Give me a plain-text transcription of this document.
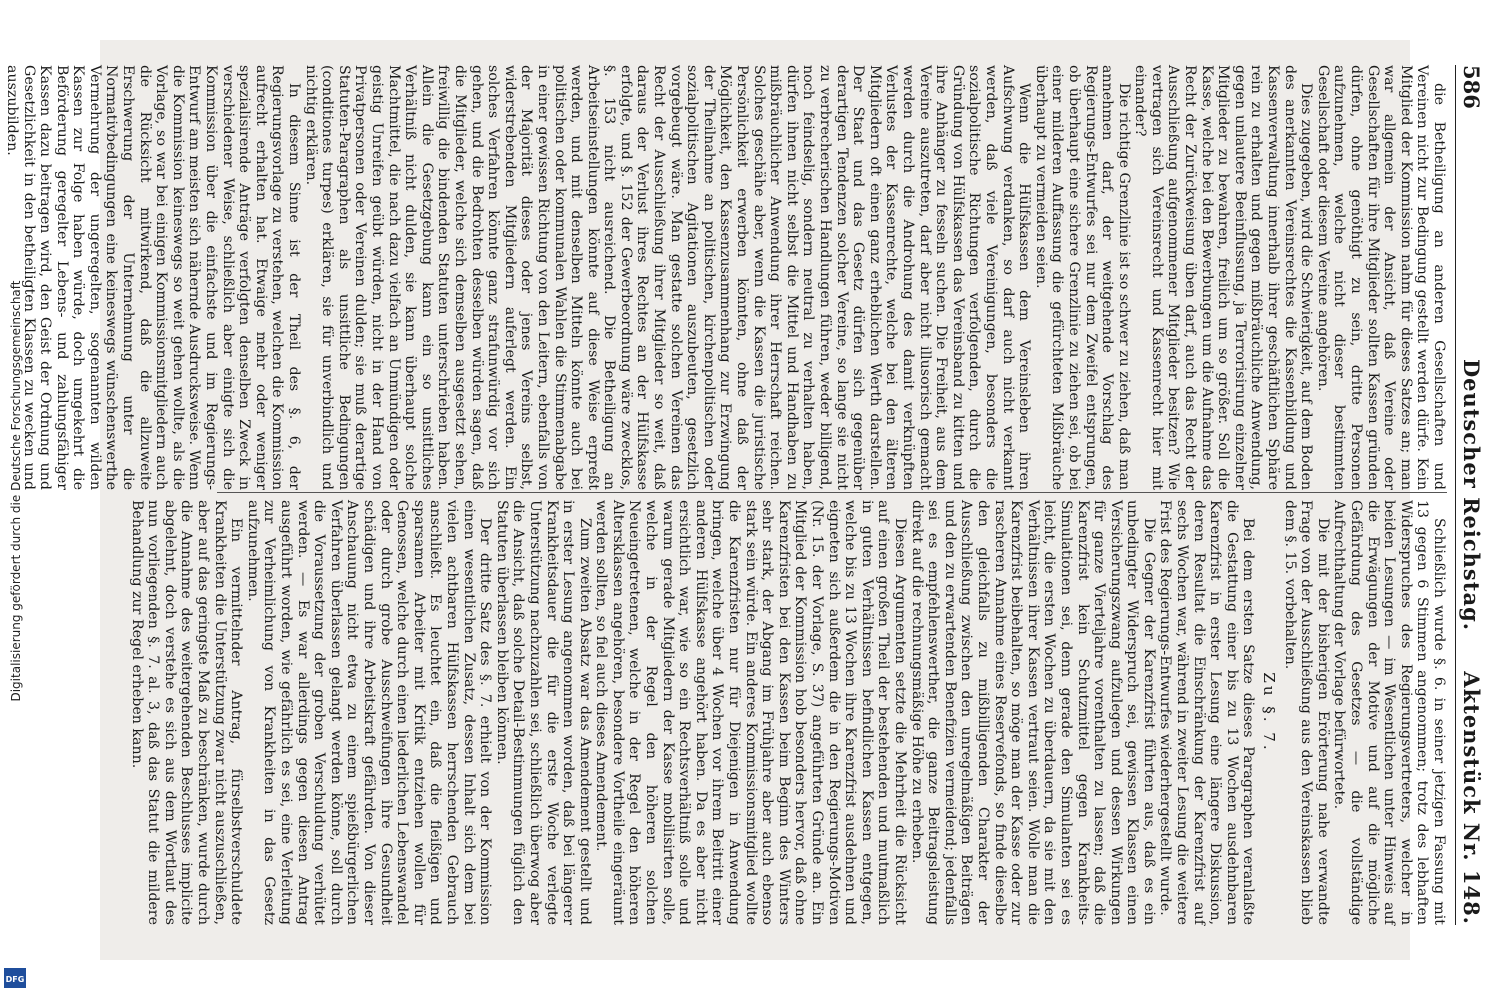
586
Deutscher Reichstag.
Aktenstück Nr. 148.

die Betheiligung an anderen Gesellschaften und Vereinen nicht zur Bedingung gestellt werden dürfe. Kein Mitglied der Kommission nahm für dieses Satzes an; man war allgemein der Ansicht, daß Vereine oder Gesellschaften für ihre Mitglieder sollten Kassen gründen dürfen, ohne genöthigt zu sein, dritte Personen aufzunehmen, welche nicht dieser bestimmten Gesellschaft oder diesem Vereine angehören.

Dies zugegeben, wird die Schwierigkeit, auf dem Boden des anerkannten Vereinsrechtes die Kassenbildung und Kassenverwaltung innerhalb ihrer geschäftlichen Sphäre rein zu erhalten und gegen mißbräuchliche Anwendung, gegen unlautere Beeinflussung, ja Terrorisirung einzelner Mitglieder zu bewahren, freilich um so größer. Soll die Kasse, welche bei den Bewerbungen um die Aufnahme das Recht der Zurückweisung üben darf, auch das Recht der Ausschließung aufgenommener Mitglieder besitzen? Wie vertragen sich Vereinsrecht und Kassenrecht hier mit einander?

Die richtige Grenzlinie ist so schwer zu ziehen, daß man annehmen darf, der weitgehende Vorschlag des Regierungs-Entwurfes sei nur dem Zweifel entsprungen, ob überhaupt eine sichere Grenzlinie zu ziehen sei, ob bei einer milderen Auffassung die gefürchteten Mißbräuche überhaupt zu vermeiden seien.

Wenn die Hülfskassen dem Vereinsleben ihren Aufschwung verdanken, so darf auch nicht verkannt werden, daß viele Vereinigungen, besonders die sozialpolitische Richtungen verfolgenden, durch die Gründung von Hülfskassen das Vereinsband zu kitten und ihre Anhänger zu fesseln suchen. Die Freiheit, aus dem Vereine auszutreten, darf aber nicht illusorisch gemacht werden durch die Androhung des damit verknüpften Verlustes der Kassenrechte, welche bei den älteren Mitgliedern oft einen ganz erheblichen Werth darstellen. Der Staat und das Gesetz dürfen sich gegenüber derartigen Tendenzen solcher Vereine, so lange sie nicht zu verbrecherischen Handlungen führen, weder billigend, noch feindselig, sondern neutral zu verhalten haben, dürfen ihnen nicht selbst die Mittel und Handhaben zu mißbräuchlicher Anwendung ihrer Herrschaft reichen. Solches geschähe aber, wenn die Kassen die juristische Persönlichkeit erwerben könnten, ohne daß der Möglichkeit, den Kassenzusammenhang zur Erzwingung der Theilnahme an politischen, kirchenpolitischen oder sozialpolitischen Agitationen auszubeuten, gesetzlich vorgebeugt wäre. Man gestatte solchen Vereinen das Recht der Ausschließung ihrer Mitglieder so weit, daß daraus der Verlust ihres Rechtes an der Hülfskasse erfolgte, und §. 152 der Gewerbeordnung wäre zwecklos, §. 153 nicht ausreichend. Die Betheiligung an Arbeitseinstellungen könnte auf diese Weise erpreßt werden, und mit denselben Mitteln könnte auch bei politischen oder kommunalen Wahlen die Stimmenabgabe in einer gewissen Richtung von den Leitern, ebenfalls von der Majorität dieses oder jenes Vereins selbst, widerstrebenden Mitgliedern auferlegt werden. Ein solches Verfahren könnte ganz strafunwürdig vor sich gehen, und die Bedrohten desselben würden sagen, daß die Mitglieder, welche sich demselben ausgesetzt sehen, freiwillig die bindenden Statuten unterschrieben haben. Allein die Gesetzgebung kann ein so unsittliches Verhältniß nicht dulden, sie kann überhaupt solche Machtmittel, die nach dazu vielfach an Unmündigen oder geistig Unreifen geübt würden, nicht in der Hand von Privatpersonen oder Vereinen dulden; sie muß derartige Statuten-Paragraphen als unsittliche Bedingungen (conditiones turpes) erklären, sie für unverbindlich und nichtig erklären.

In diesem Sinne ist der Theil des §. 6, der Regierungsvorlage zu verstehen, welchen die Kommission aufrecht erhalten hat. Etwaige mehr oder weniger spezialisirende Anträge verfolgten denselben Zweck in verschiedener Weise, schließlich aber einigte sich die Kommission über die einfachste und im Regierungs-Entwurf am meisten sich nähernde Ausdrucksweise. Wenn die Kommission keineswegs so weit gehen wollte, als die Vorlage, so war bei einigen Kommissionsmitgliedern auch die Rücksicht mitwirkend, daß die allzuweite Erschwerung der Unternehmung unter die Normativbedingungen eine keineswegs wünschenswerthe Vermehrung der ungeregelten, sogenannten wilden Kassen zur Folge haben würde, doch umgekehrt die Beförderung geregelter Lebens- und zahlungsfähiger Kassen dazu beitragen wird, den Geist der Ordnung und Gesetzlichkeit in den betheiligten Klassen zu wecken und auszubilden.

Schließlich wurde §. 6. in seiner jetzigen Fassung mit 13 gegen 6 Stimmen angenommen; trotz des lebhaften Widerspruches des Regierungsvertreters, welcher in beiden Lesungen — im Wesentlichen unter Hinweis auf die Erwägungen der Motive und auf die mögliche Gefährdung des Gesetzes — die vollständige Aufrechthaltung der Vorlage befürwortete.

Die mit der bisherigen Erörterung nahe verwandte Frage von der Ausschließung aus den Vereinskassen blieb dem §. 15. vorbehalten.

Zu §. 7.

Bei dem ersten Satze dieses Paragraphen veranlaßte die Gestattung einer bis zu 13 Wochen ausdehnbaren Karenzfrist in erster Lesung eine längere Diskussion, deren Resultat die Einschränkung der Karenzfrist auf sechs Wochen war, während in zweiter Lesung die weitere Frist des Regierungs-Entwurfes wiederhergestellt wurde.

Die Gegner der Karenzfrist führten aus, daß es ein unbedingter Widerspruch sei, gewissen Klassen einen Versicherungszwang aufzulegen und dessen Wirkungen für ganze Vierteljahre vorenthalten zu lassen; daß die Karenzfrist kein Schutzmittel gegen Krankheits-Simulationen sei, denn gerade den Simulanten sei es leicht, die ersten Wochen zu überdauern, da sie mit den Verhältnissen ihrer Kassen vertraut seien. Wolle man die Karenzfrist beibehalten, so möge man der Kasse oder zur rascheren Annahme eines Reservefonds, so finde dieselbe den gleichfalls zu mißbilligenden Charakter der Ausschließung zwischen den unregelmäßigen Beiträgen und den zu erwartenden Benefizien vermeidend; jedenfalls sei es empfehlenswerther, die ganze Beitragsleistung direkt auf die rechnungsmäßige Höhe zu erheben.

Diesen Argumenten setzte die Mehrheit die Rücksicht auf einen großen Theil der bestehenden und mutmaßlich in guten Verhältnissen befindlichen Kassen entgegen, welche bis zu 13 Wochen ihre Karenzfrist ausdehnen und eigneten sich außerdem die in den Regierungs-Motiven (Nr. 15. der Vorlage, S. 37) angeführten Gründe an. Ein Mitglied der Kommission hob besonders hervor, daß ohne Karenzfristen bei den Kassen beim Beginn des Winters sehr stark, der Abgang im Frühjahre aber auch ebenso stark sein würde. Ein anderes Kommissionsmitglied wollte die Karenzfristen nur für Diejenigen in Anwendung bringen, welche über 4 Wochen vor ihrem Beitritt einer anderen Hülfskasse angehört haben. Da es aber nicht ersichtlich war, wie so ein Rechtsverhältniß solle und warum gerade Mitgliedern der Kasse mobilisirten solle, welche in der Regel den höheren solchen Neueingetretenen, welche in der Regel den höheren Altersklassen angehören, besondere Vortheile eingeräumt werden sollten, so fiel auch dieses Amendement.

Zum zweiten Absatz war das Amendement gestellt und in erster Lesung angenommen worden, daß bei längerer Krankheitsdauer die für die erste Woche verlegte Unterstützung nachzuzahlen sei, schließlich überwog aber die Ansicht, daß solche Detail-Bestimmungen füglich den Statuten überlassen bleiben können.

Der dritte Satz des §. 7. erhielt von der Kommission einen wesentlichen Zusatz, dessen Inhalt sich dem bei vielen achtbaren Hülfskassen herrschenden Gebrauch anschließt. Es leuchtet ein, daß die fleißigen und sparsamen Arbeiter mit Kritik entziehen wollen für Genossen, welche durch einen liederlichen Lebenswandel oder durch grobe Ausschweifungen ihre Gesundheit schädigen und ihre Arbeitskraft gefährden. Von dieser Anschauung nicht etwa zu einem spießbürgerlichen Verfahren überlassen gelangt werden könne, soll durch die Voraussetzung der groben Verschuldung verhütet werden. — Es war allerdings gegen diesen Antrag ausgeführt worden, wie gefährlich es sei, eine Verleitung zur Verheimlichung von Krankheiten in das Gesetz aufzunehmen.

Ein vermittelnder Antrag, fürselbstverschuldete Krankheiten die Unterstützung zwar nicht auszuschließen, aber auf das geringste Maß zu beschränken, wurde durch die Annahme des weitergehenden Beschlusses implicite abgelehnt, doch verstehe es sich aus dem Wortlaut des nun vorliegenden §. 7. al. 3, daß das Statut die mildere Behandlung zur Regel erheben kann.

Digitalisierung gefördert durch die Deutsche Forschungsgemeinschaft
DFG
